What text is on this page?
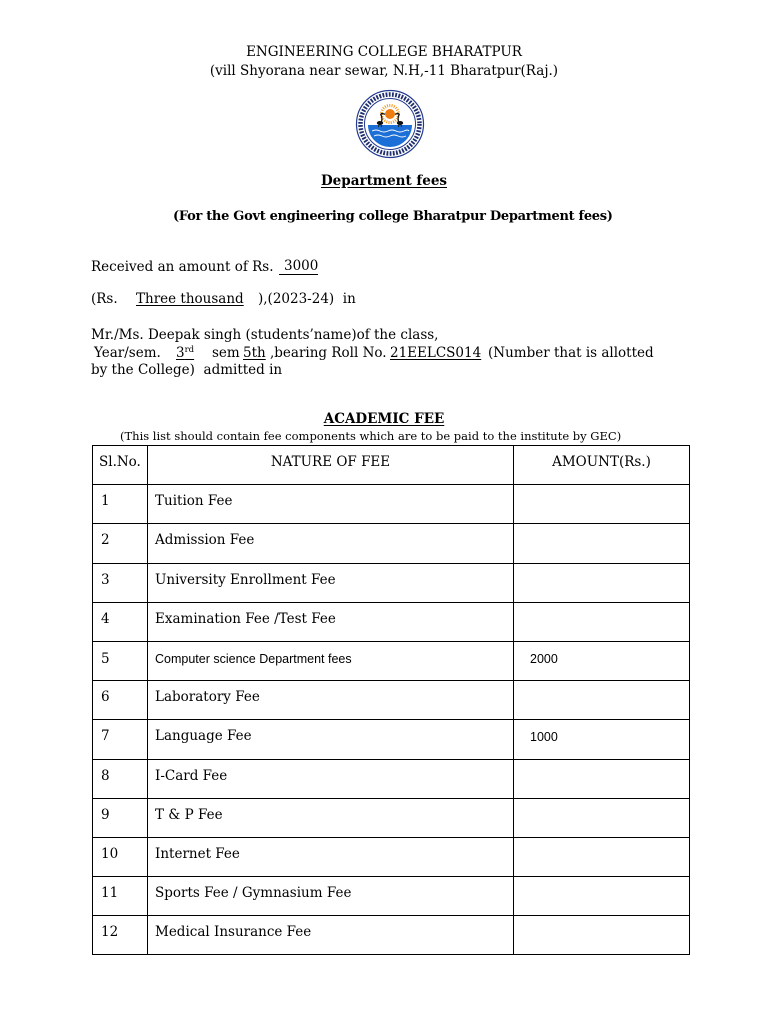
ENGINEERING COLLEGE BHARATPUR
(vill Shyorana near sewar, N.H,-11 Bharatpur(Raj.)
Department fees
(For the Govt engineering college Bharatpur Department fees)
Received an amount of Rs. 3000
(Rs. Three thousand ),(2023-24)  in
Mr./Ms. Deepak singh (students’name)of the class,
Year/sem. 3rd sem 5th ,bearing Roll No. 21EELCS014 (Number that is allotted
by the College)  admitted in
ACADEMIC FEE
(This list should contain fee components which are to be paid to the institute by GEC)
Sl.No.	NATURE OF FEE	AMOUNT(Rs.)

1	Tuition Fee	

2	Admission Fee	

3	University Enrollment Fee	

4	Examination Fee /Test Fee	

5	Computer science Department fees	2000

6	Laboratory Fee	

7	Language Fee	1000

8	I-Card Fee	

9	T & P Fee	

10	Internet Fee	

11	Sports Fee / Gymnasium Fee	

12	Medical Insurance Fee	
